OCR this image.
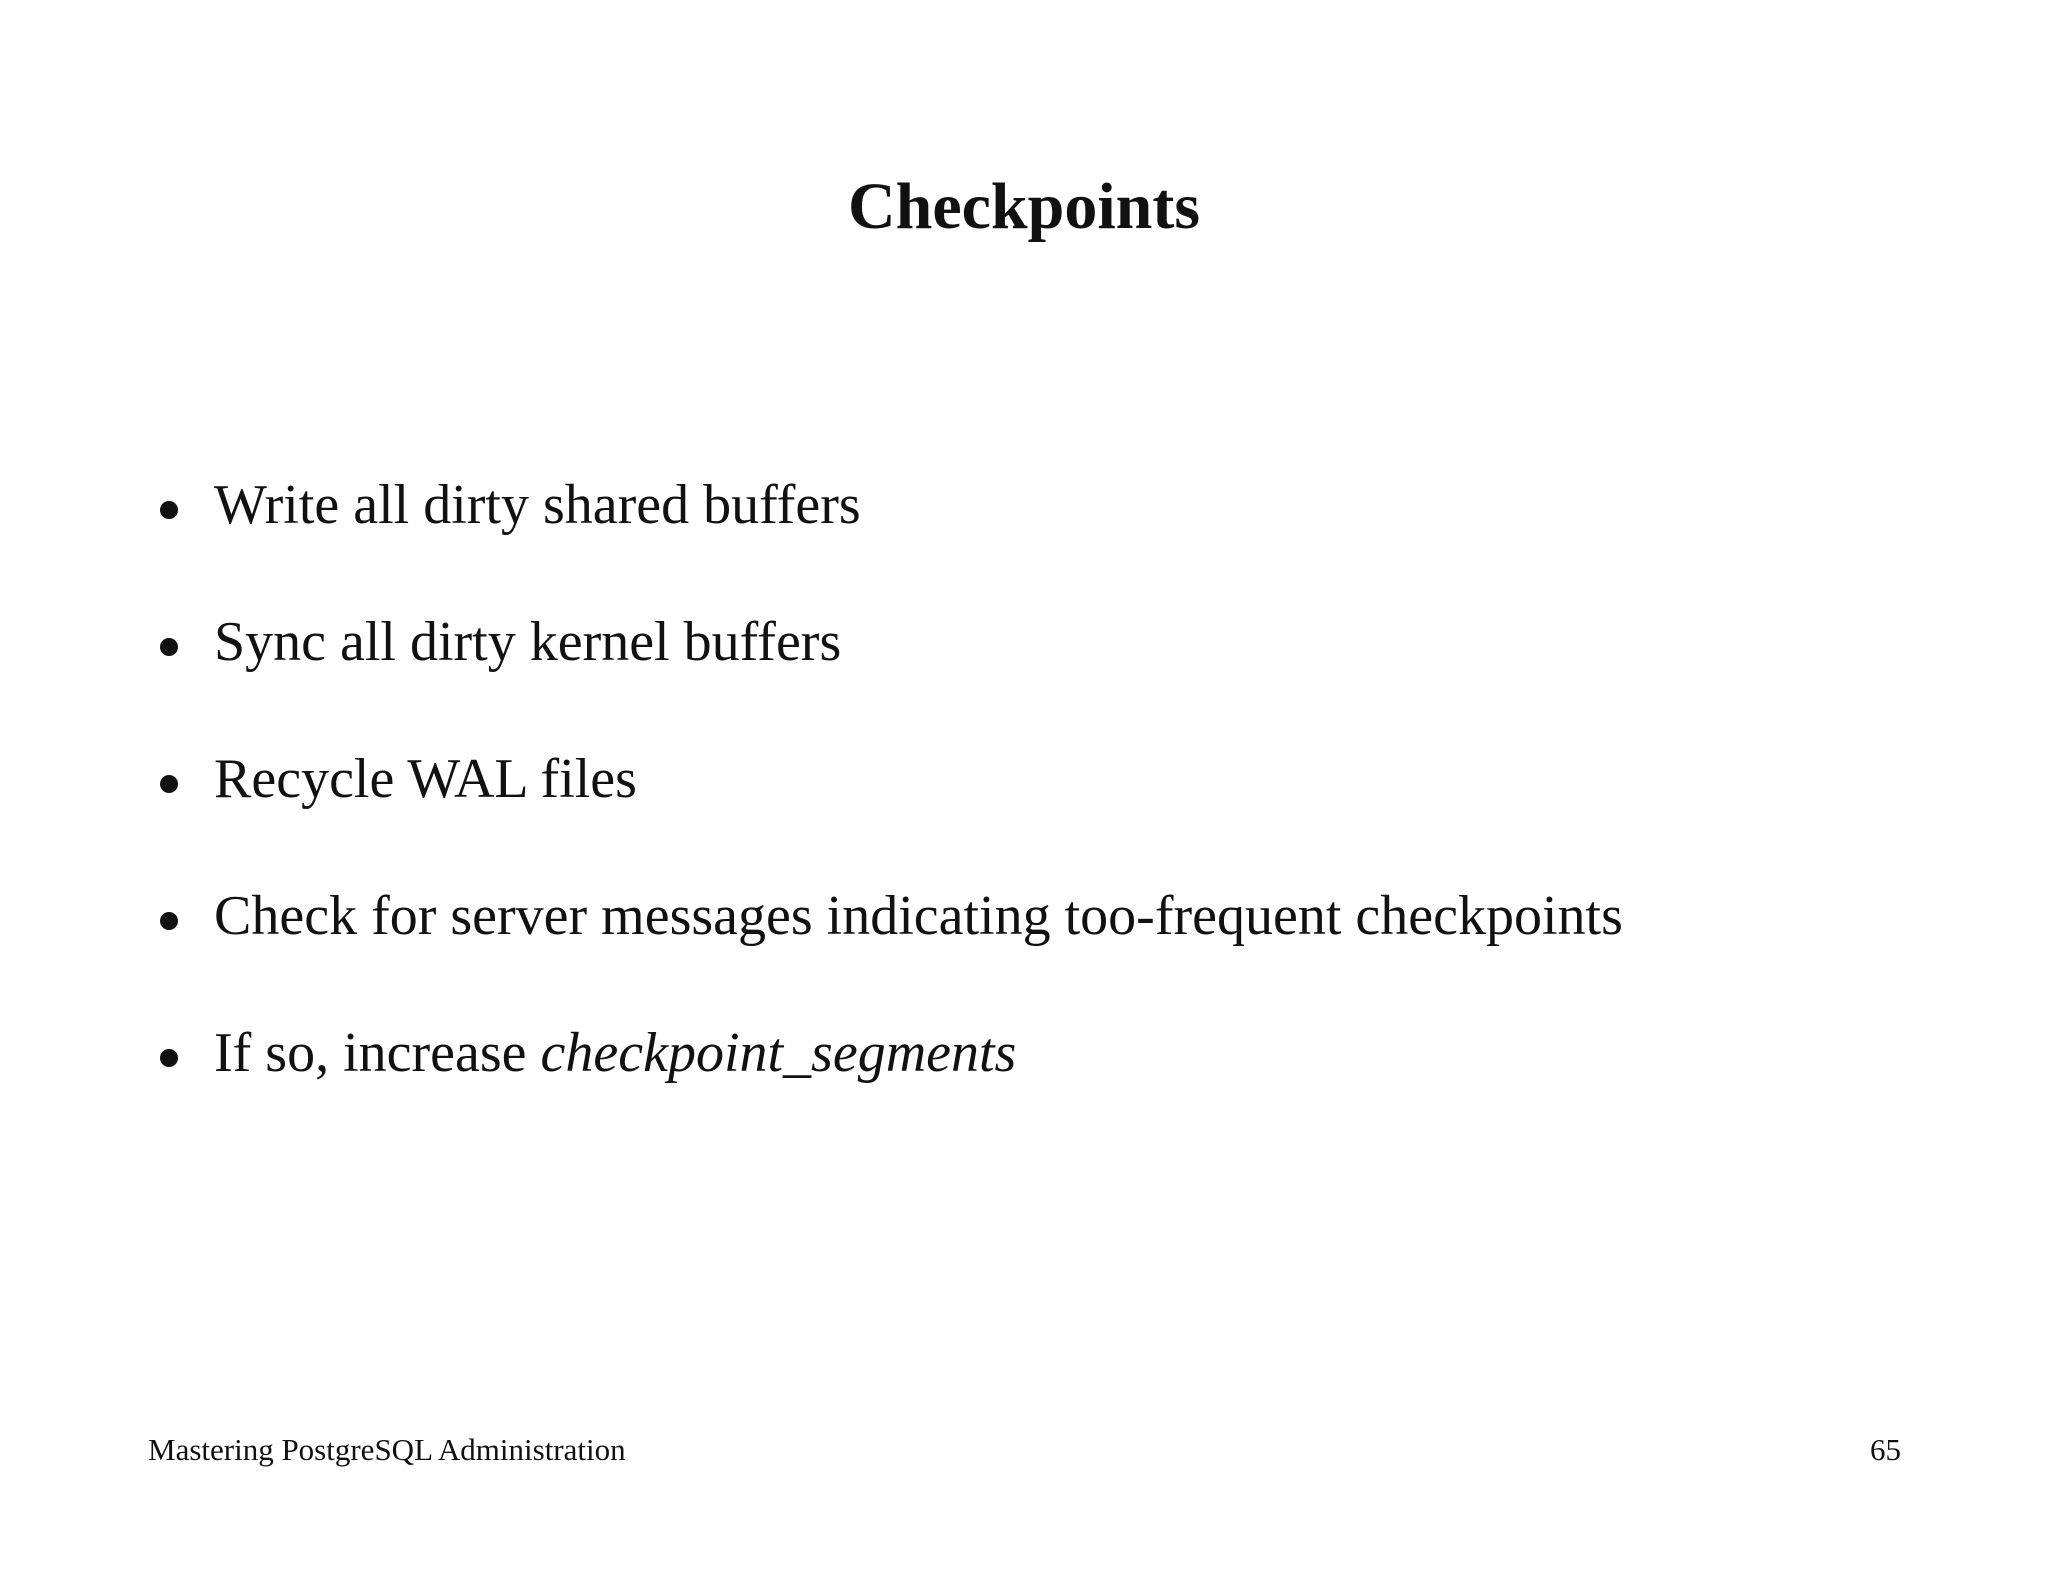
Checkpoints
Write all dirty shared buffers
Sync all dirty kernel buffers
Recycle WAL files
Check for server messages indicating too-frequent checkpoints
If so, increase checkpoint_segments
Mastering PostgreSQL Administration	65
